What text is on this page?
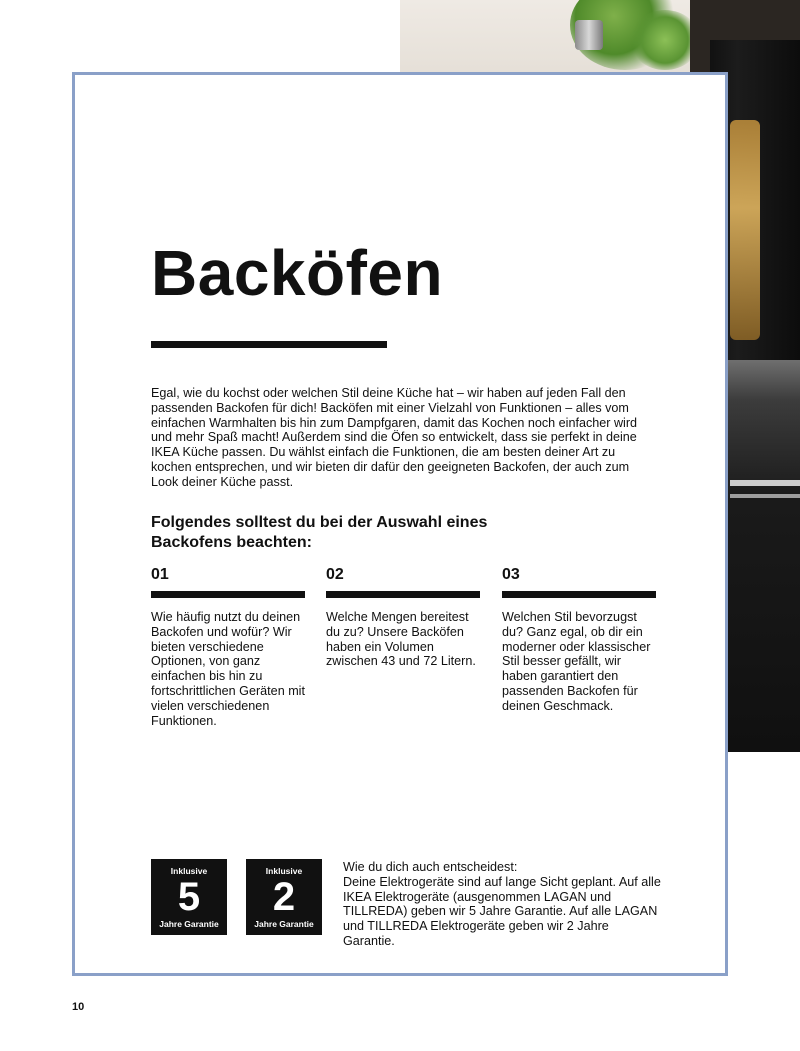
Backöfen

Egal, wie du kochst oder welchen Stil deine Küche hat – wir haben auf jeden Fall den passenden Backofen für dich! Backöfen mit einer Vielzahl von Funktionen – alles vom einfachen Warmhalten bis hin zum Dampfgaren, damit das Kochen noch einfacher wird und mehr Spaß macht! Außerdem sind die Öfen so entwickelt, dass sie perfekt in deine IKEA Küche passen. Du wählst einfach die Funktionen, die am besten deiner Art zu kochen entsprechen, und wir bieten dir dafür den geeigneten Backofen, der auch zum Look deiner Küche passt.

Folgendes solltest du bei der Auswahl eines Backofens beachten:
01

Wie häufig nutzt du deinen Backofen und wofür? Wir bieten verschiedene Optionen, von ganz einfachen bis hin zu fortschrittlichen Geräten mit vielen verschiedenen Funktionen.

02

Welche Mengen bereitest du zu? Unsere Backöfen haben ein Volumen zwischen 43 und 72 Litern.

03

Welchen Stil bevorzugst du? Ganz egal, ob dir ein moderner oder klassischer Stil besser gefällt, wir haben garantiert den passenden Backofen für deinen Geschmack.

Inklusive
5
Jahre Garantie
Inklusive
2
Jahre Garantie

Wie du dich auch entscheidest:
Deine Elektrogeräte sind auf lange Sicht geplant. Auf alle IKEA Elektrogeräte (ausgenommen LAGAN und TILLREDA) geben wir 5 Jahre Garantie. Auf alle LAGAN und TILLREDA Elektrogeräte geben wir 2 Jahre Garantie.

10
